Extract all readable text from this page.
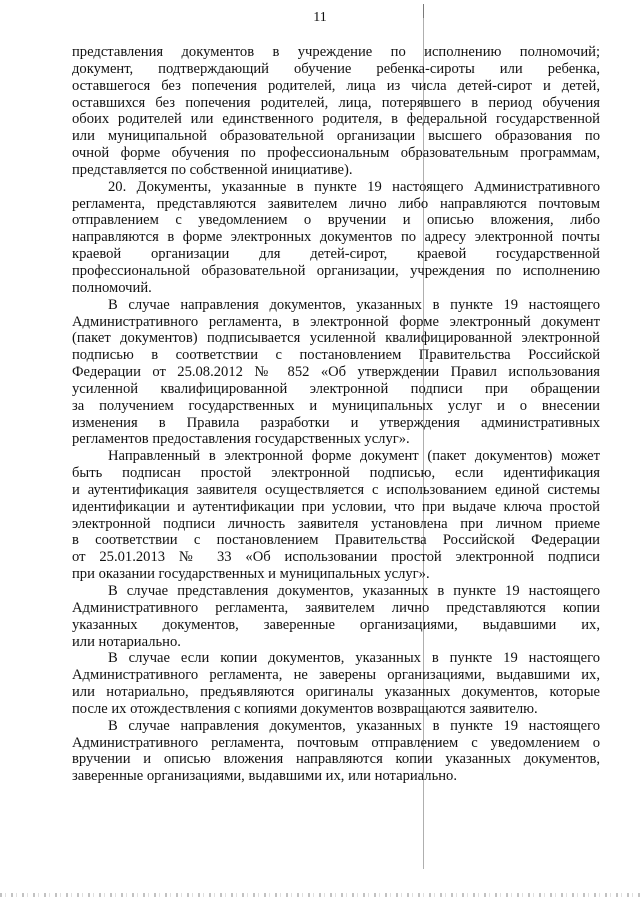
11

представления документов в учреждение по исполнению полномочий;
документ, подтверждающий обучение ребенка-сироты или ребенка,
оставшегося без попечения родителей, лица из числа детей-сирот и детей,
оставшихся без попечения родителей, лица, потерявшего в период обучения
обоих родителей или единственного родителя, в федеральной государственной
или муниципальной образовательной организации высшего образования по
очной форме обучения по профессиональным образовательным программам,
представляется по собственной инициативе).

20. Документы, указанные в пункте 19 настоящего Административного
регламента, представляются заявителем лично либо направляются почтовым
отправлением с уведомлением о вручении и описью вложения, либо
направляются в форме электронных документов по адресу электронной почты
краевой организации для детей-сирот, краевой государственной
профессиональной образовательной организации, учреждения по исполнению
полномочий.

В случае направления документов, указанных в пункте 19 настоящего
Административного регламента, в электронной форме электронный документ
(пакет документов) подписывается усиленной квалифицированной электронной
подписью в соответствии с постановлением Правительства Российской
Федерации от 25.08.2012 № 852 «Об утверждении Правил использования
усиленной квалифицированной электронной подписи при обращении
за получением государственных и муниципальных услуг и о внесении
изменения в Правила разработки и утверждения административных
регламентов предоставления государственных услуг».

Направленный в электронной форме документ (пакет документов) может
быть подписан простой электронной подписью, если идентификация
и аутентификация заявителя осуществляется с использованием единой системы
идентификации и аутентификации при условии, что при выдаче ключа простой
электронной подписи личность заявителя установлена при личном приеме
в соответствии с постановлением Правительства Российской Федерации
от 25.01.2013 № 33 «Об использовании простой электронной подписи
при оказании государственных и муниципальных услуг».

В случае представления документов, указанных в пункте 19 настоящего
Административного регламента, заявителем лично представляются копии
указанных документов, заверенные организациями, выдавшими их,
или нотариально.

В случае если копии документов, указанных в пункте 19 настоящего
Административного регламента, не заверены организациями, выдавшими их,
или нотариально, предъявляются оригиналы указанных документов, которые
после их отождествления с копиями документов возвращаются заявителю.

В случае направления документов, указанных в пункте 19 настоящего
Административного регламента, почтовым отправлением с уведомлением о
вручении и описью вложения направляются копии указанных документов,
заверенные организациями, выдавшими их, или нотариально.
